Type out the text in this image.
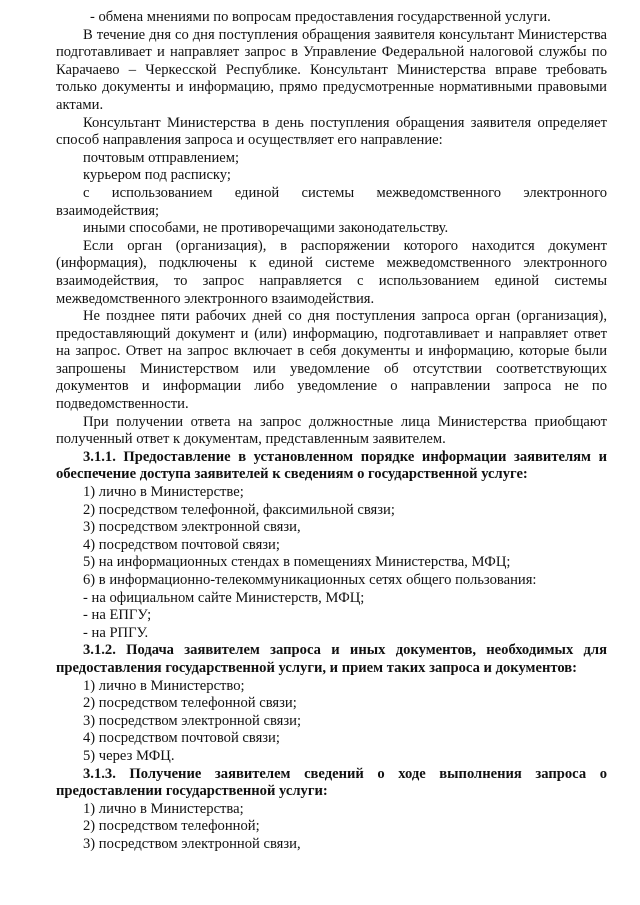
- обмена мнениями по вопросам предоставления государственной услуги.

В течение дня со дня поступления обращения заявителя консультант Министерства подготавливает и направляет запрос в Управление Федеральной налоговой службы по Карачаево – Черкесской Республике. Консультант Министерства вправе требовать только документы и информацию, прямо предусмотренные нормативными правовыми актами.

Консультант Министерства в день поступления обращения заявителя определяет способ направления запроса и осуществляет его направление:

почтовым отправлением;

курьером под расписку;

с использованием единой системы межведомственного электронного взаимодействия;

иными способами, не противоречащими законодательству.

Если орган (организация), в распоряжении которого находится документ (информация), подключены к единой системе межведомственного электронного взаимодействия, то запрос направляется с использованием единой системы межведомственного электронного взаимодействия.

Не позднее пяти рабочих дней со дня поступления запроса орган (организация), предоставляющий документ и (или) информацию, подготавливает и направляет ответ на запрос. Ответ на запрос включает в себя документы и информацию, которые были запрошены Министерством или уведомление об отсутствии соответствующих документов и информации либо уведомление о направлении запроса не по подведомственности.

При получении ответа на запрос должностные лица Министерства приобщают полученный ответ к документам, представленным заявителем.

3.1.1. Предоставление в установленном порядке информации заявителям и обеспечение доступа заявителей к сведениям о государственной услуге:

1) лично в Министерстве;

2) посредством телефонной, факсимильной связи;

3) посредством электронной связи,

4) посредством почтовой связи;

5) на информационных стендах в помещениях Министерства, МФЦ;

6) в информационно-телекоммуникационных сетях общего пользования:

- на официальном сайте Министерств, МФЦ;

- на ЕПГУ;

- на РПГУ.

3.1.2. Подача заявителем запроса и иных документов, необходимых для предоставления государственной услуги, и прием таких запроса и документов:

1) лично в Министерство;

2) посредством телефонной связи;

3) посредством электронной связи;

4) посредством почтовой связи;

5) через МФЦ.

3.1.3. Получение заявителем сведений о ходе выполнения запроса о предоставлении государственной услуги:

1) лично в Министерства;

2) посредством телефонной;

3) посредством электронной связи,
